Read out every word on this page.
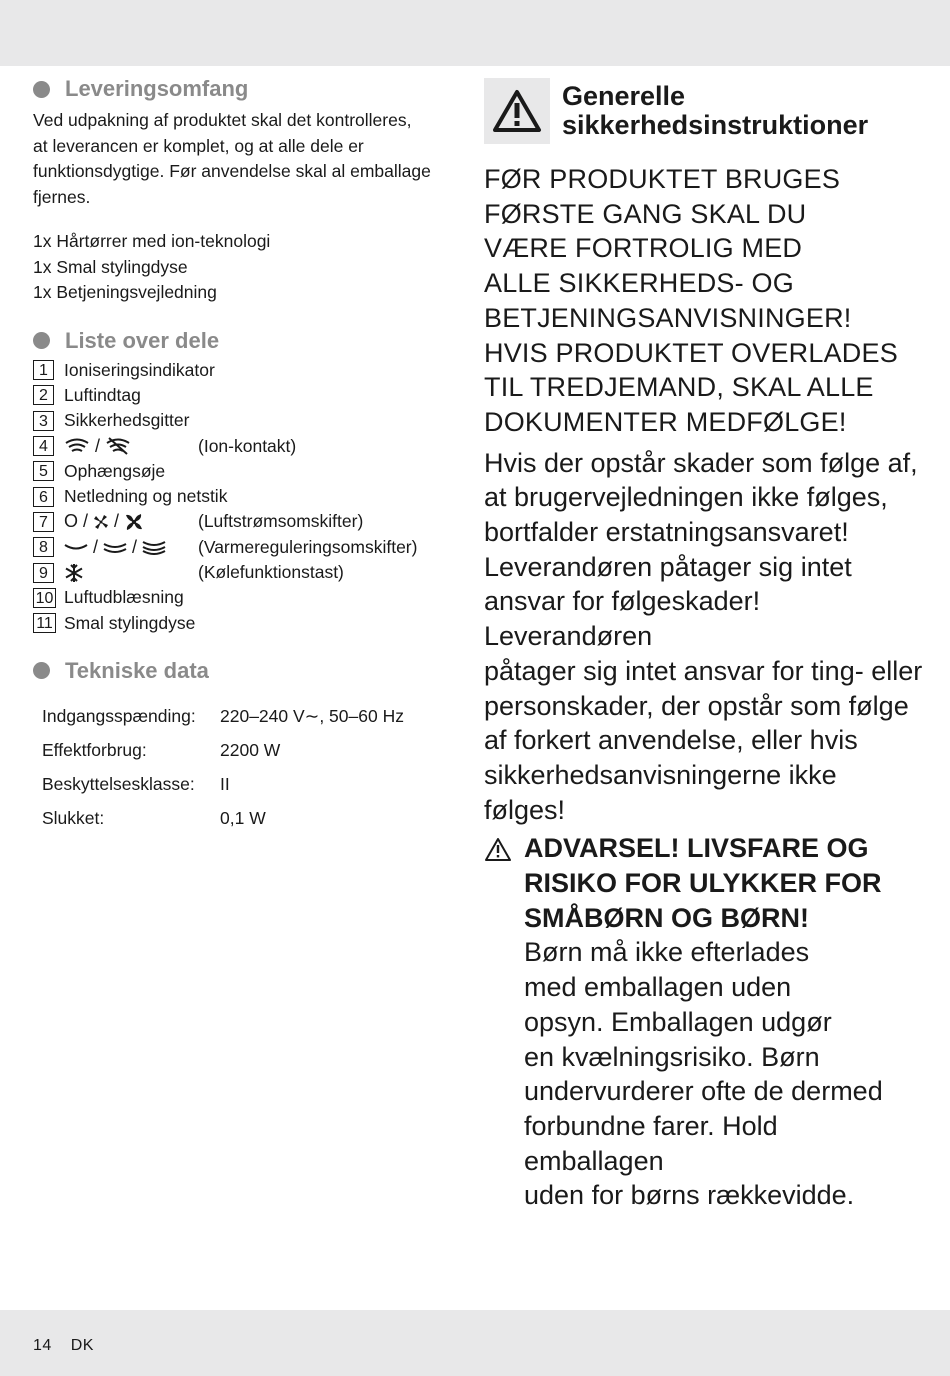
Leveringsomfang
Ved udpakning af produktet skal det kontrolleres,
at leverancen er komplet, og at alle dele er
funktionsdygtige. Før anvendelse skal al emballage
fjernes.
1x Hårtørrer med ion-teknologi
1x Smal stylingdyse
1x Betjeningsvejledning
Liste over dele
1 Ioniseringsindikator
2 Luftindtag
3 Sikkerhedsgitter
4	/	(Ion-kontakt)
5 Ophængsøje
6 Netledning og netstik
7 O / /	(Luftstrømsomskifter)
8	/ /	(Varmereguleringsomskifter)
9	(Kølefunktionstast)
10 Luftudblæsning
11 Smal stylingdyse
Tekniske data
Indgangsspænding:	220–240 V∼, 50–60 Hz
Effektforbrug:	2200 W
Beskyttelsesklasse:	II
Slukket:	0,1 W
Generelle
sikkerhedsinstruktioner
FØR PRODUKTET BRUGES
FØRSTE GANG SKAL DU
VÆRE FORTROLIG MED
ALLE SIKKERHEDS- OG
BETJENINGSANVISNINGER!
HVIS PRODUKTET OVERLADES
TIL TREDJEMAND, SKAL ALLE
DOKUMENTER MEDFØLGE!
Hvis der opstår skader som følge af,
at brugervejledningen ikke følges,
bortfalder erstatningsansvaret!
Leverandøren påtager sig intet
ansvar for følgeskader! Leverandøren
påtager sig intet ansvar for ting- eller
personskader, der opstår som følge
af forkert anvendelse, eller hvis
sikkerhedsanvisningerne ikke følges!
ADVARSEL! LIVSFARE OG
RISIKO FOR ULYKKER FOR
SMÅBØRN OG BØRN!
Børn må ikke efterlades
med emballagen uden
opsyn. Emballagen udgør
en kvælningsrisiko. Børn
undervurderer ofte de dermed
forbundne farer. Hold emballagen
uden for børns rækkevidde.
14 DK
